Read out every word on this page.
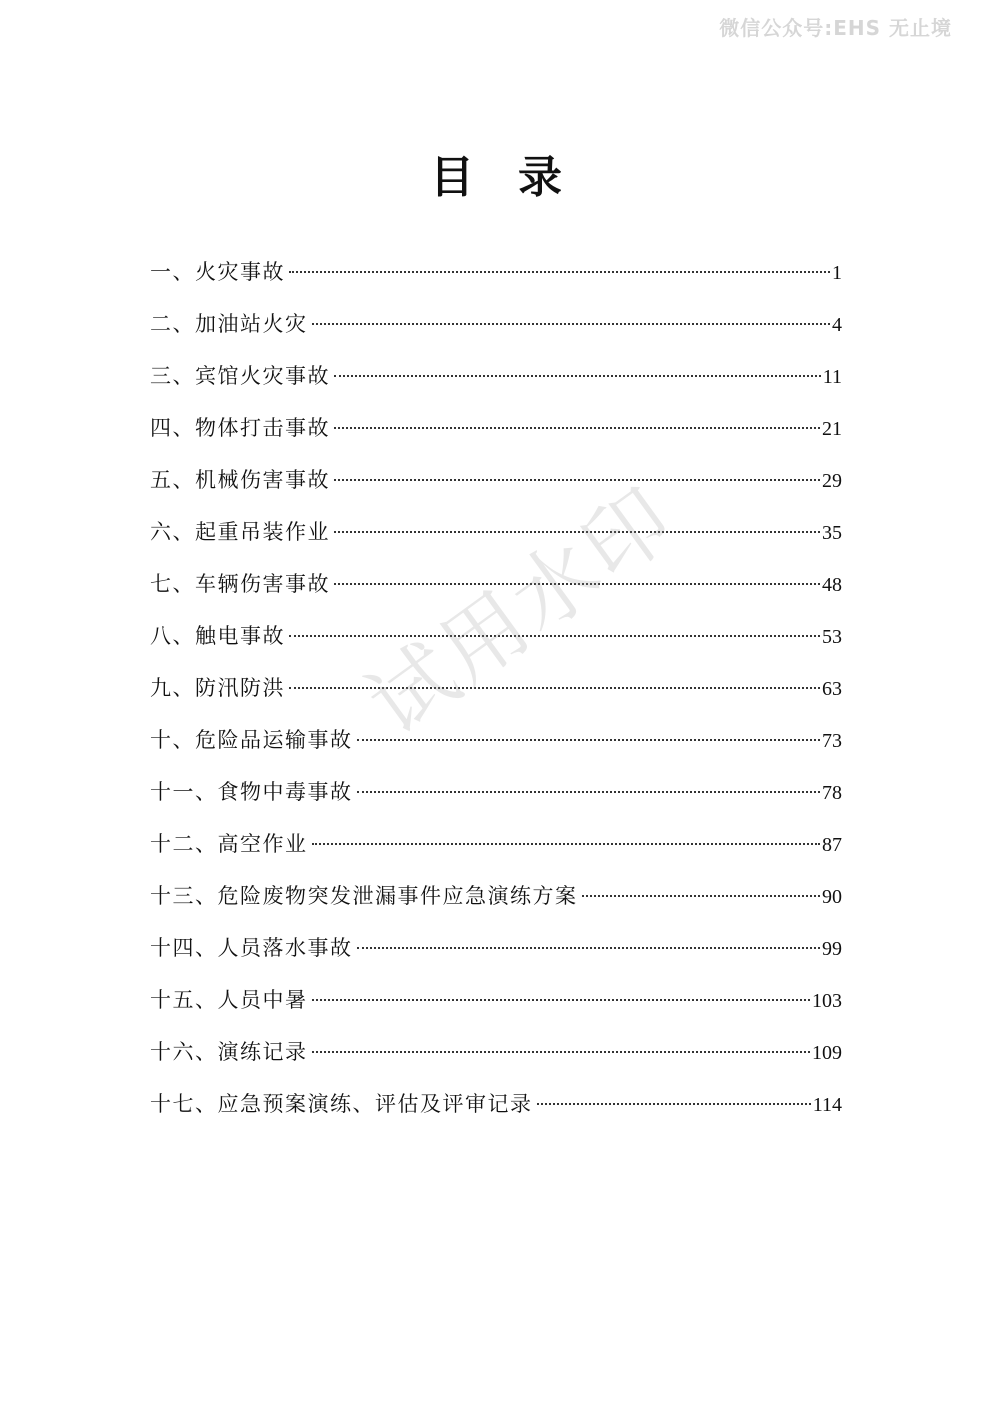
微信公众号:EHS 无止境
目录
一、火灾事故	1
二、加油站火灾	4
三、宾馆火灾事故	11
四、物体打击事故	21
五、机械伤害事故	29
六、起重吊装作业	35
七、车辆伤害事故	48
八、触电事故	53
九、防汛防洪	63
十、危险品运输事故	73
十一、食物中毒事故	78
十二、高空作业	87
十三、危险废物突发泄漏事件应急演练方案	90
十四、人员落水事故	99
十五、人员中暑	103
十六、演练记录	109
十七、应急预案演练、评估及评审记录	114
试用水印
